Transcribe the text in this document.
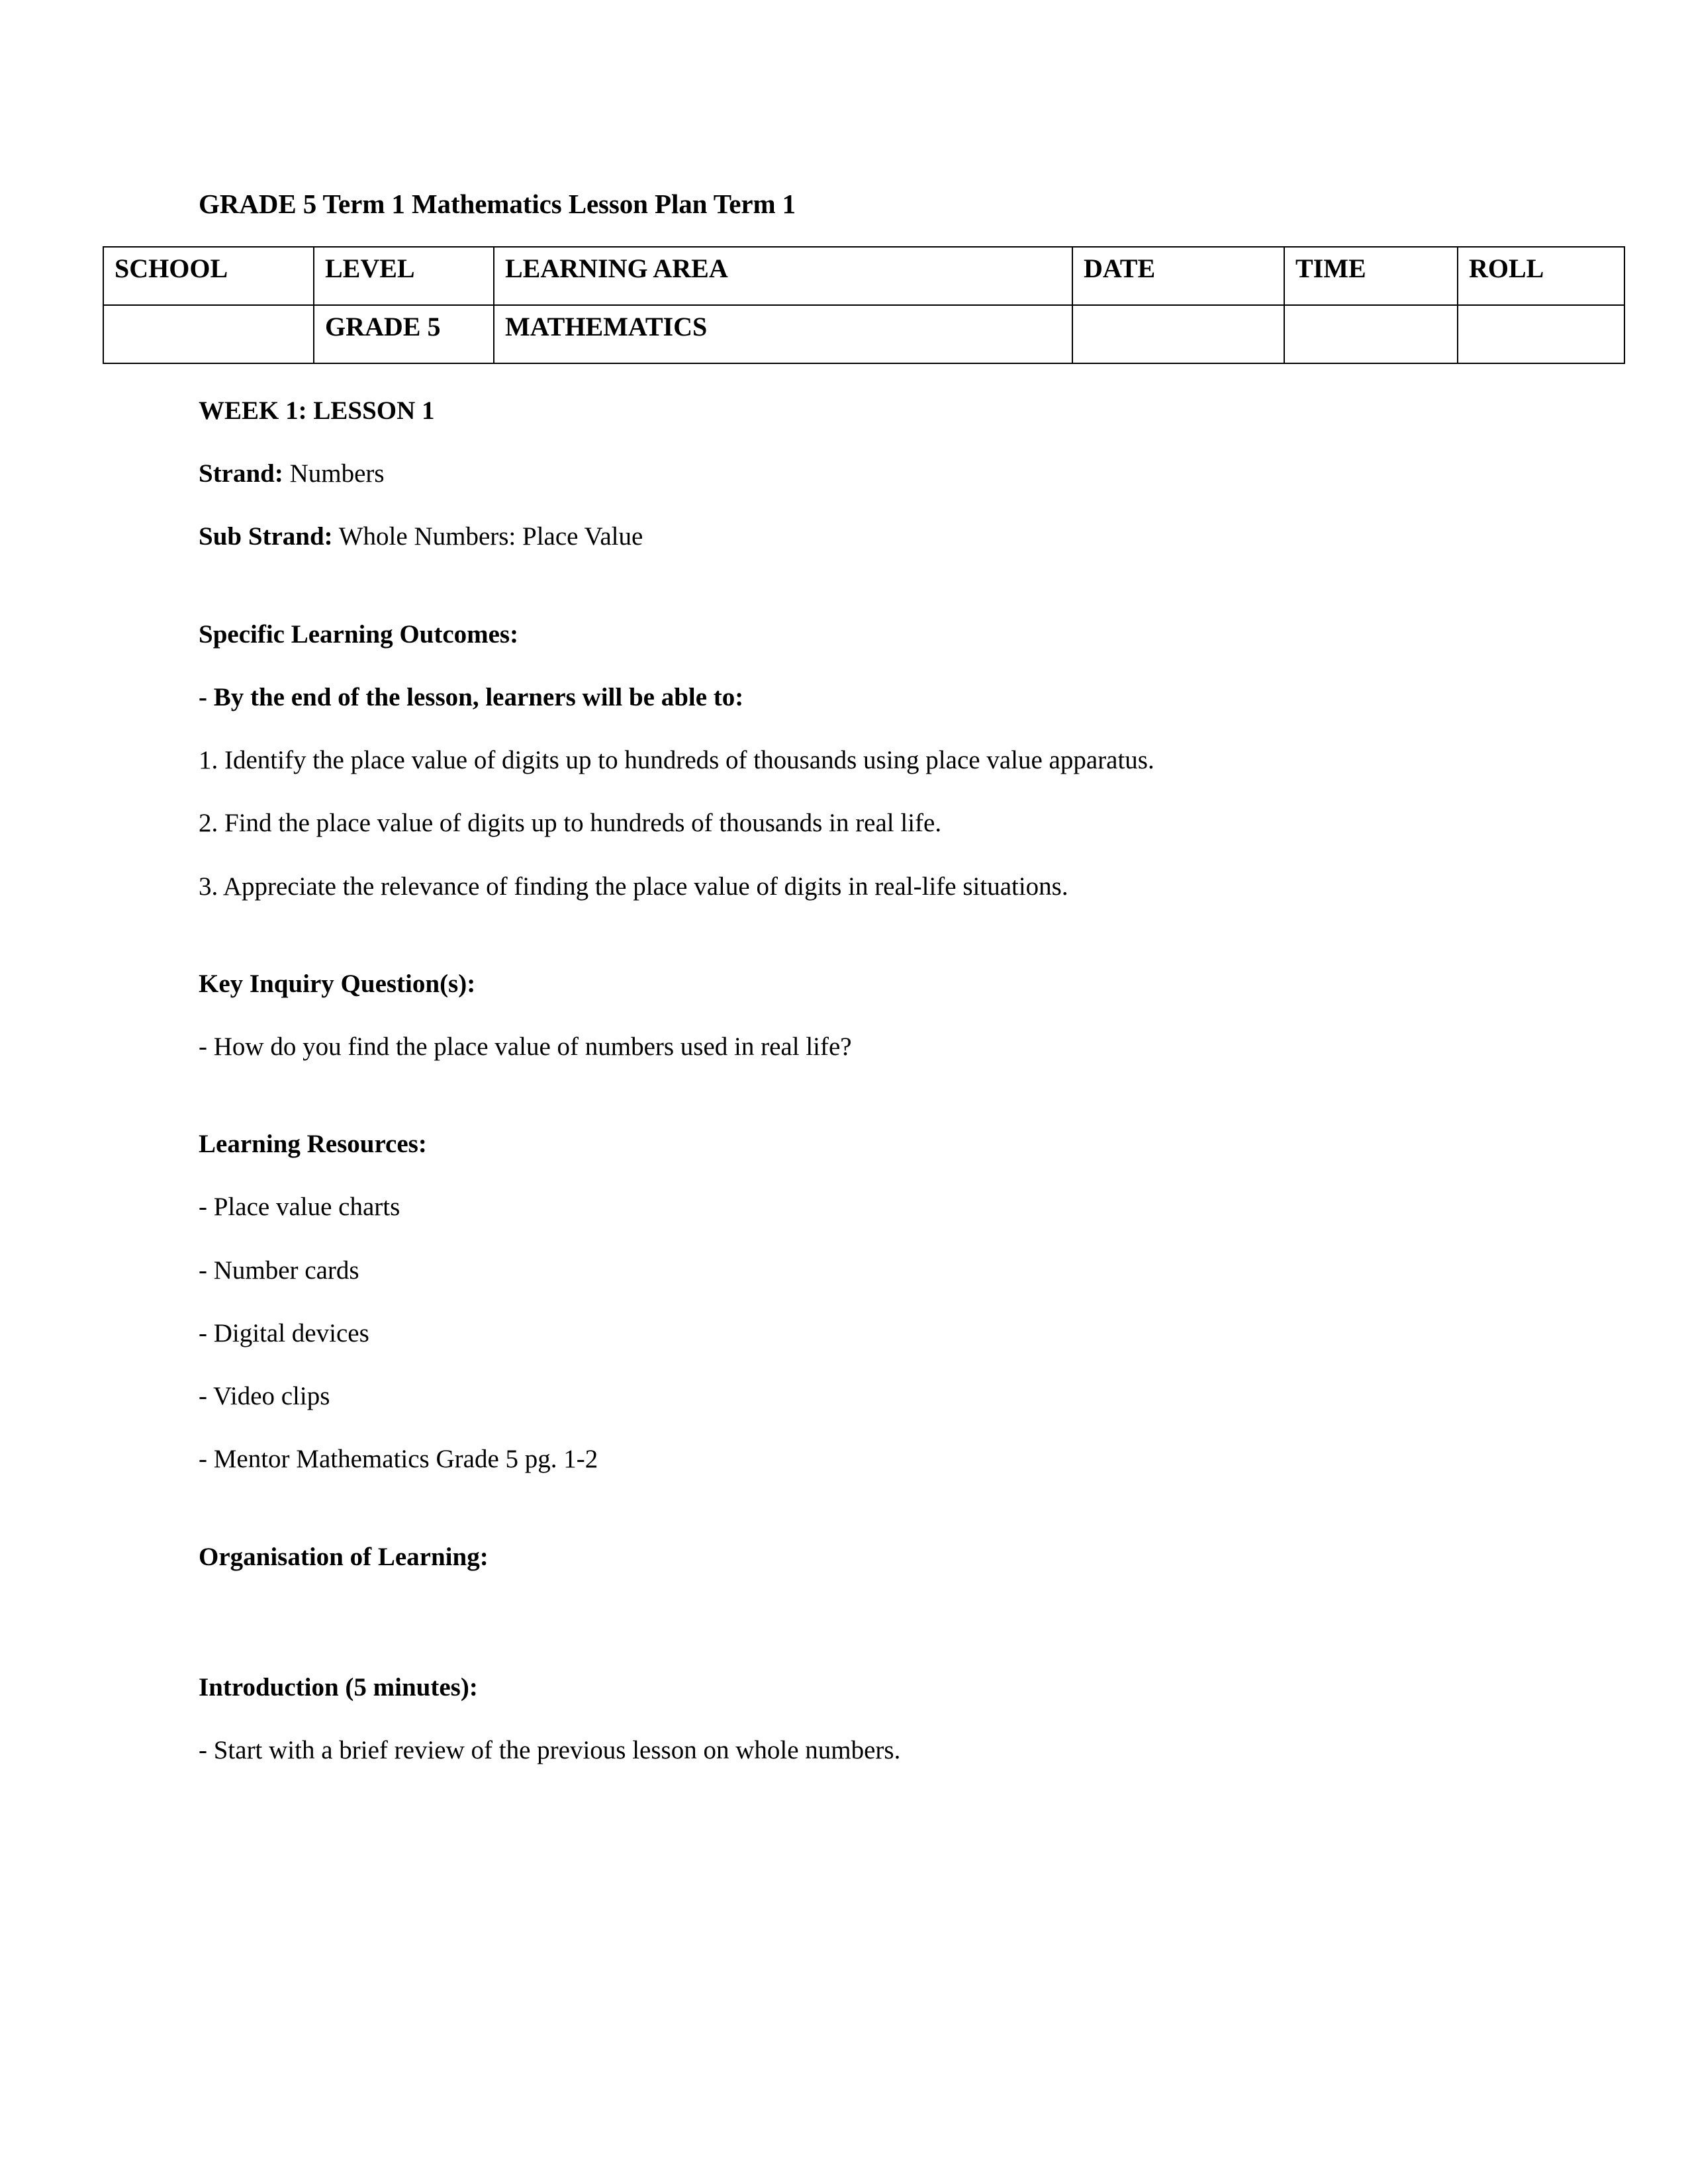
GRADE 5 Term 1 Mathematics Lesson Plan Term 1
SCHOOL	LEVEL	LEARNING AREA	DATE	TIME	ROLL
	GRADE 5	MATHEMATICS			

WEEK 1: LESSON 1

Strand: Numbers

Sub Strand: Whole Numbers: Place Value

Specific Learning Outcomes:

- By the end of the lesson, learners will be able to:

1. Identify the place value of digits up to hundreds of thousands using place value apparatus.

2. Find the place value of digits up to hundreds of thousands in real life.

3. Appreciate the relevance of finding the place value of digits in real-life situations.

Key Inquiry Question(s):

- How do you find the place value of numbers used in real life?

Learning Resources:

- Place value charts

- Number cards

- Digital devices

- Video clips

- Mentor Mathematics Grade 5 pg. 1-2

Organisation of Learning:

Introduction (5 minutes):

- Start with a brief review of the previous lesson on whole numbers.
